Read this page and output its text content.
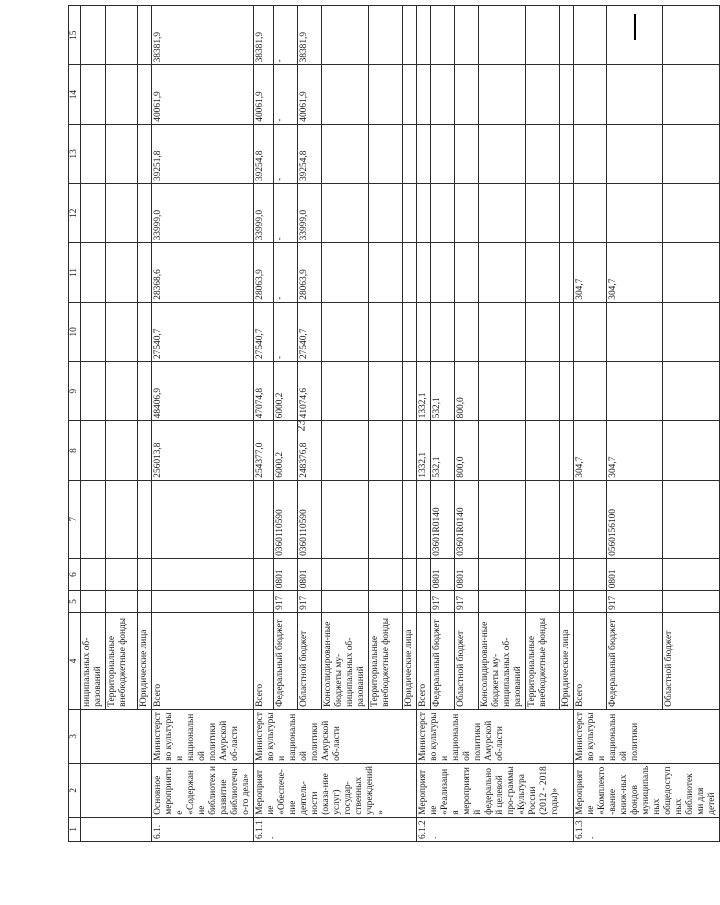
23
1	2	3	4	5	6	7	8	9	10	11	12	13	14	15
			ниципальных об-разований											
			Территориальные внебюджетные фонды											
			Юридические лица											
6.1.	Основное мероприятие «Содержание библиотек и развитие библиотечно-го дела»	Министерство культуры и национальной политики Амурской об-ласти	Всего				256013,8	48406,9	27540,7	28368,6	33999,0	39251,8	40061,9	38381,9
6.1.1.	Мероприятие «Обеспече-ние деятель-ности (оказа-ние услуг) государ-ственных учреждений»	Министерство культуры и национальной политики Амурской об-ласти	Всего				254377,0	47074,8	27540,7	28063,9	33999,0	39254,8	40061,9	38381,9
			Федеральный бюджет	917	0801	0360110590	6000,2	6000,2	-	-	-	-	-	-
			Областной бюджет	917	0801	0360110590	248376,8	41074,6	27540,7	28063,9	33999,0	39254,8	40061,9	38381,9
			Консолидирован-ные бюджеты му-ниципальных об-разований											
			Территориальные внебюджетные фонды											
			Юридические лица											
6.1.2.	Мероприятие «Реализация мероприятий федеральной целевой про-граммы «Культура России (2012 - 2018 годы)»	Министерство культуры и национальной политики Амурской об-ласти	Всего				1332,1	1332,1						
			Федеральный бюджет	917	0801	03601R0140	532,1	532,1						
			Областной бюджет	917	0801	03601R0140	800,0	800,0						
			Консолидирован-ные бюджеты му-ниципальных об-разований											
			Территориальные внебюджетные фонды											
			Юридические лица											
6.1.3.	Мероприятие «Комплекто-вание книж-ных фондов муниципальных общедоступных библиотек ми для детей	Министерство культуры и национальной политики	Всего				304,7			304,7				
			Федеральный бюджет	917	0801	0560156100	304,7			304,7				
			Областной бюджет											
